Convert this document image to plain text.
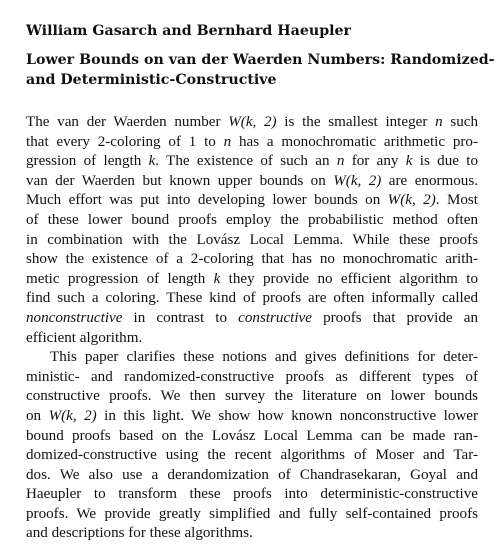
William Gasarch and Bernhard Haeupler
Lower Bounds on van der Waerden Numbers: Randomized-
and Deterministic-Constructive
The van der Waerden number W(k, 2) is the smallest integer n such
that every 2-coloring of 1 to n has a monochromatic arithmetic pro-
gression of length k. The existence of such an n for any k is due to
van der Waerden but known upper bounds on W(k, 2) are enormous.
Much effort was put into developing lower bounds on W(k, 2). Most
of these lower bound proofs employ the probabilistic method often
in combination with the Lovász Local Lemma. While these proofs
show the existence of a 2-coloring that has no monochromatic arith-
metic progression of length k they provide no efficient algorithm to
find such a coloring. These kind of proofs are often informally called
nonconstructive in contrast to constructive proofs that provide an
efficient algorithm.
This paper clarifies these notions and gives definitions for deter-
ministic- and randomized-constructive proofs as different types of
constructive proofs. We then survey the literature on lower bounds
on W(k, 2) in this light. We show how known nonconstructive lower
bound proofs based on the Lovász Local Lemma can be made ran-
domized-constructive using the recent algorithms of Moser and Tar-
dos. We also use a derandomization of Chandrasekaran, Goyal and
Haeupler to transform these proofs into deterministic-constructive
proofs. We provide greatly simplified and fully self-contained proofs
and descriptions for these algorithms.
